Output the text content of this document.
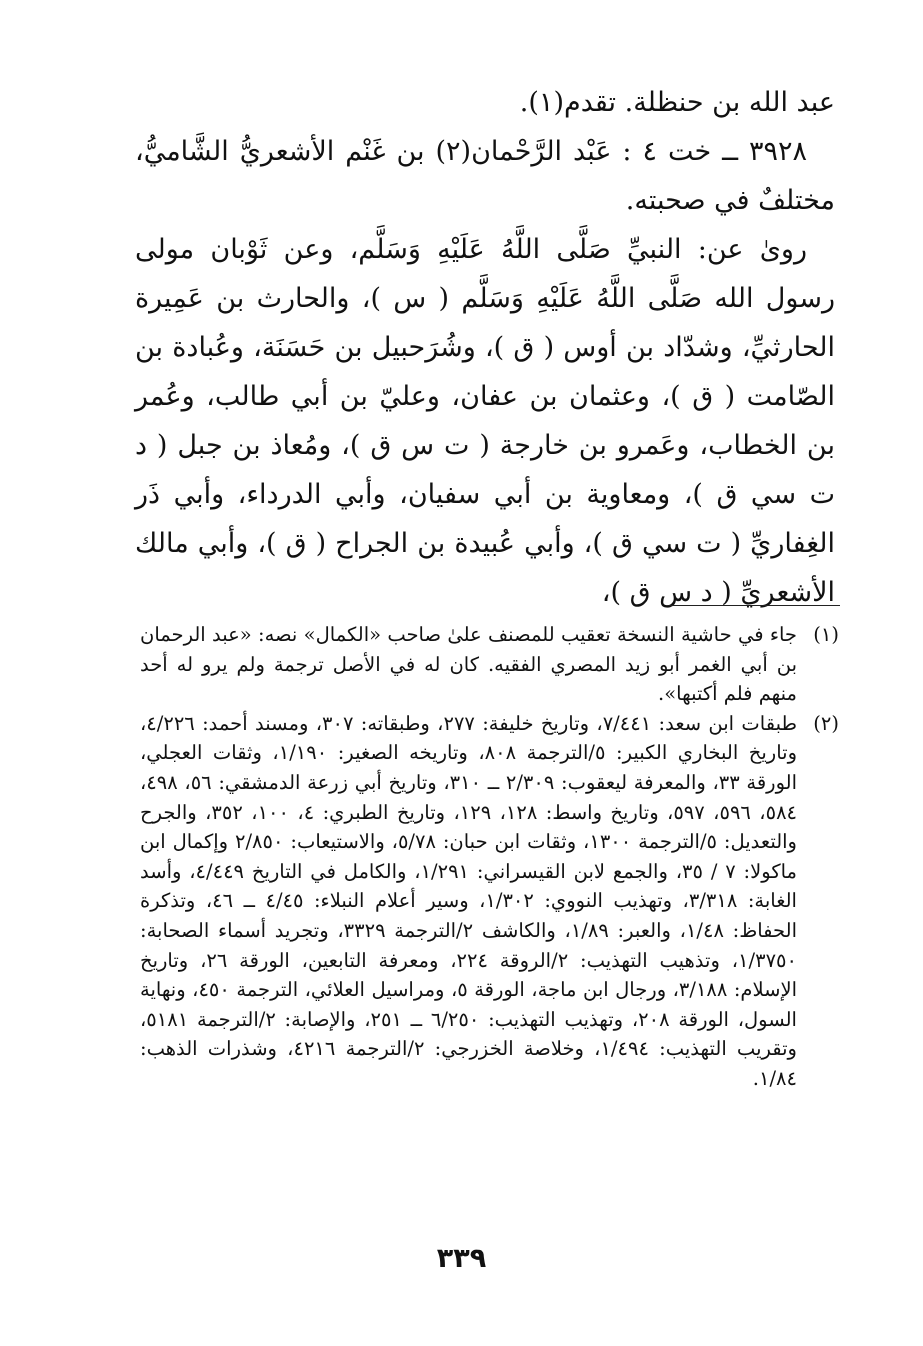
عبد الله بن حنظلة. تقدم(١).

٣٩٢٨ ــ خت ٤ : عَبْد الرَّحْمان(٢) بن غَنْم الأشعريُّ الشَّاميُّ، مختلفٌ في صحبته.

روىٰ عن: النبيِّ صَلَّى اللَّهُ عَلَيْهِ وَسَلَّم، وعن ثَوْبان مولى رسول الله صَلَّى اللَّهُ عَلَيْهِ وَسَلَّم ( س )، والحارث بن عَمِيرة الحارثيِّ، وشدّاد بن أوس ( ق )، وشُرَحبيل بن حَسَنَة، وعُبادة بن الصّامت ( ق )، وعثمان بن عفان، وعليّ بن أبي طالب، وعُمر بن الخطاب، وعَمرو بن خارجة ( ت س ق )، ومُعاذ بن جبل ( د ت سي ق )، ومعاوية بن أبي سفيان، وأبي الدرداء، وأبي ذَر الغِفاريِّ ( ت سي ق )، وأبي عُبيدة بن الجراح ( ق )، وأبي مالك الأشعريِّ ( د س ق )،

(١)
جاء في حاشية النسخة تعقيب للمصنف علىٰ صاحب «الكمال» نصه: «عبد الرحمان بن أبي الغمر أبو زيد المصري الفقيه. كان له في الأصل ترجمة ولم يرو له أحد منهم فلم أكتبها».
(٢)
طبقات ابن سعد: ٧/٤٤١، وتاريخ خليفة: ٢٧٧، وطبقاته: ٣٠٧، ومسند أحمد: ٤/٢٢٦، وتاريخ البخاري الكبير: ٥/الترجمة ٨٠٨، وتاريخه الصغير: ١/١٩٠، وثقات العجلي، الورقة ٣٣، والمعرفة ليعقوب: ٢/٣٠٩ ــ ٣١٠، وتاريخ أبي زرعة الدمشقي: ٥٦، ٤٩٨، ٥٨٤، ٥٩٦، ٥٩٧، وتاريخ واسط: ١٢٨، ١٢٩، وتاريخ الطبري: ٤، ١٠٠، ٣٥٢، والجرح والتعديل: ٥/الترجمة ١٣٠٠، وثقات ابن حبان: ٥/٧٨، والاستيعاب: ٢/٨٥٠ وإكمال ابن ماكولا: ٧ / ٣٥، والجمع لابن القيسراني: ١/٢٩١، والكامل في التاريخ ٤/٤٤٩، وأسد الغابة: ٣/٣١٨، وتهذيب النووي: ١/٣٠٢، وسير أعلام النبلاء: ٤/٤٥ ــ ٤٦، وتذكرة الحفاظ: ١/٤٨، والعبر: ١/٨٩، والكاشف ٢/الترجمة ٣٣٢٩، وتجريد أسماء الصحابة: ١/٣٧٥٠، وتذهيب التهذيب: ٢/الروقة ٢٢٤، ومعرفة التابعين، الورقة ٢٦، وتاريخ الإسلام: ٣/١٨٨، ورجال ابن ماجة، الورقة ٥، ومراسيل العلائي، الترجمة ٤٥٠، ونهاية السول، الورقة ٢٠٨، وتهذيب التهذيب: ٦/٢٥٠ ــ ٢٥١، والإصابة: ٢/الترجمة ٥١٨١، وتقريب التهذيب: ١/٤٩٤، وخلاصة الخزرجي: ٢/الترجمة ٤٢١٦، وشذرات الذهب: ١/٨٤.
٣٣٩
